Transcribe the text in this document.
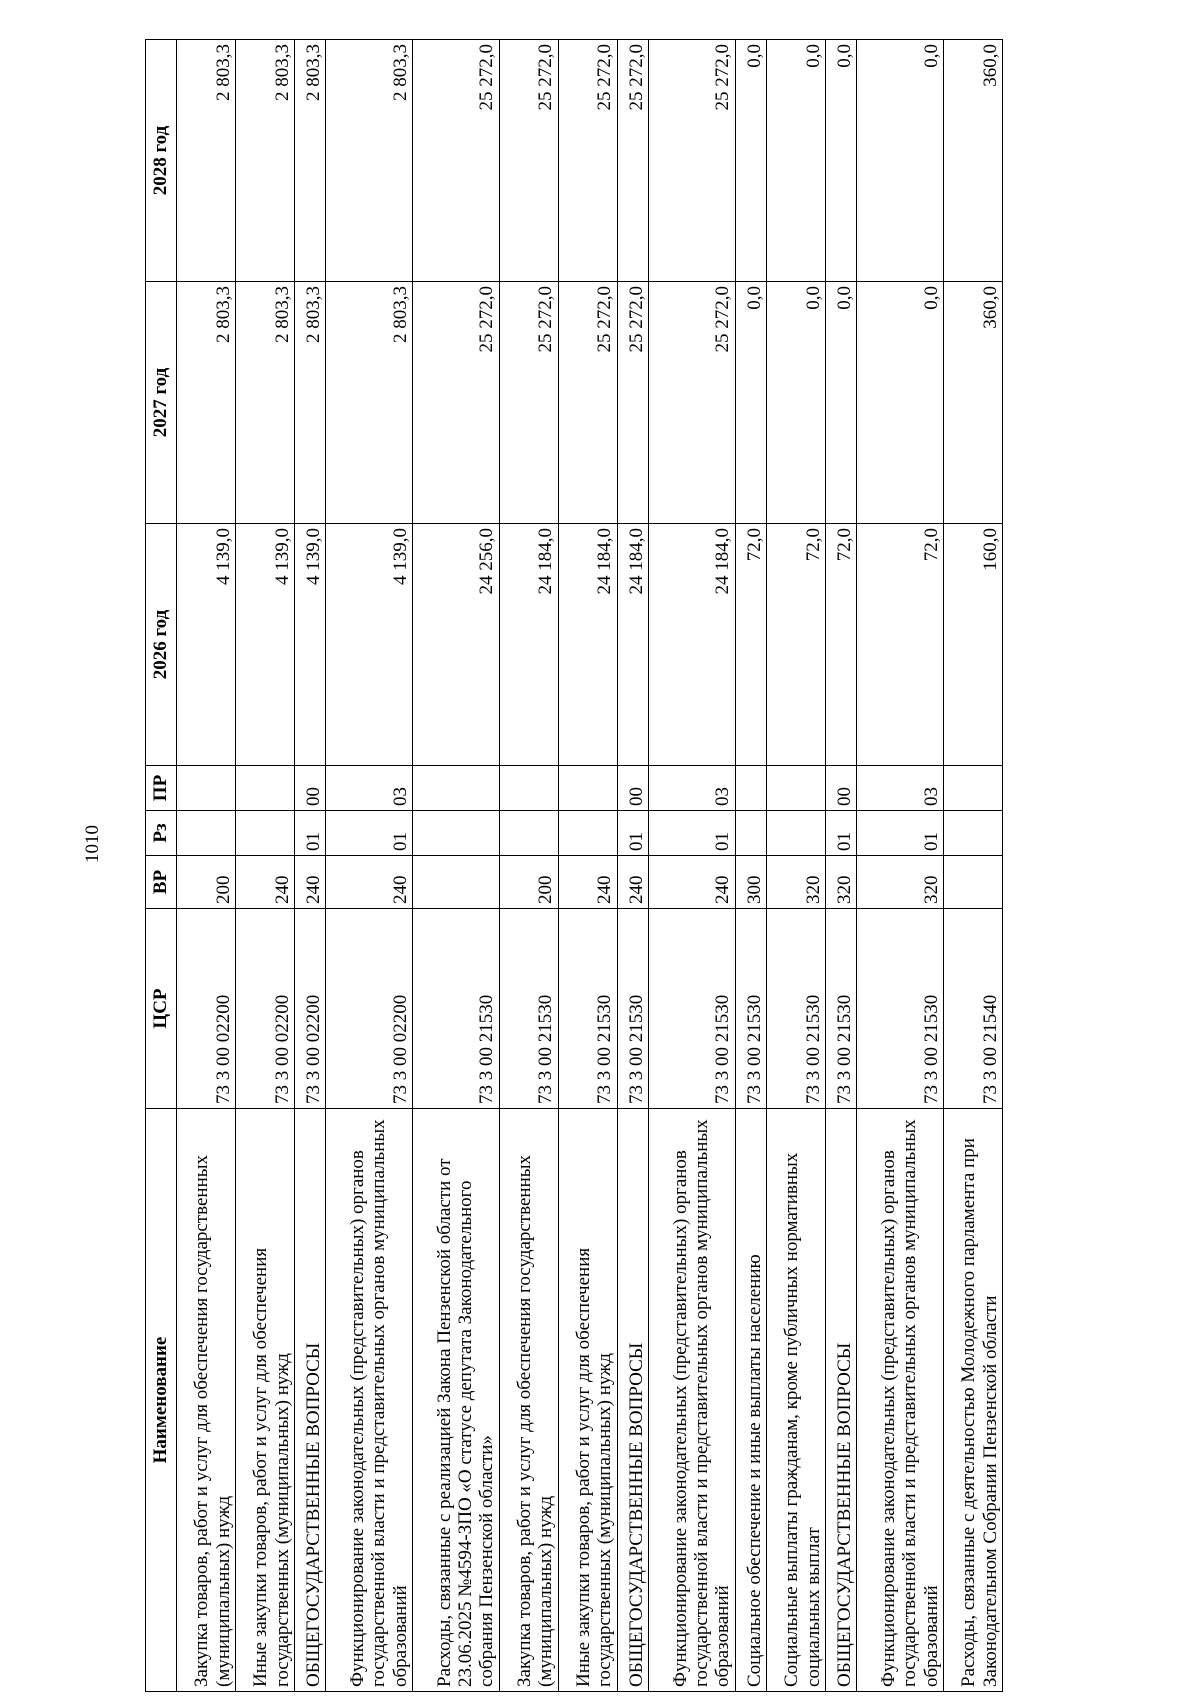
1010
Наименование	ЦСР	ВР	Рз	ПР	2026 год	2027 год	2028 год
Закупка товаров, работ и услуг для обеспечения государственных (муниципальных) нужд	73 3 00 02200	200			4 139,0	2 803,3	2 803,3
Иные закупки товаров, работ и услуг для обеспечения государственных (муниципальных) нужд	73 3 00 02200	240			4 139,0	2 803,3	2 803,3
ОБЩЕГОСУДАРСТВЕННЫЕ ВОПРОСЫ	73 3 00 02200	240	01	00	4 139,0	2 803,3	2 803,3
Функционирование законодательных (представительных) органов государственной власти и представительных органов муниципальных образований	73 3 00 02200	240	01	03	4 139,0	2 803,3	2 803,3
Расходы, связанные с реализацией Закона Пензенской области от 23.06.2025 №4594-ЗПО «О статусе депутата Законодательного собрания Пензенской области»	73 3 00 21530				24 256,0	25 272,0	25 272,0
Закупка товаров, работ и услуг для обеспечения государственных (муниципальных) нужд	73 3 00 21530	200			24 184,0	25 272,0	25 272,0
Иные закупки товаров, работ и услуг для обеспечения государственных (муниципальных) нужд	73 3 00 21530	240			24 184,0	25 272,0	25 272,0
ОБЩЕГОСУДАРСТВЕННЫЕ ВОПРОСЫ	73 3 00 21530	240	01	00	24 184,0	25 272,0	25 272,0
Функционирование законодательных (представительных) органов государственной власти и представительных органов муниципальных образований	73 3 00 21530	240	01	03	24 184,0	25 272,0	25 272,0
Социальное обеспечение и иные выплаты населению	73 3 00 21530	300			72,0	0,0	0,0
Социальные выплаты гражданам, кроме публичных нормативных социальных выплат	73 3 00 21530	320			72,0	0,0	0,0
ОБЩЕГОСУДАРСТВЕННЫЕ ВОПРОСЫ	73 3 00 21530	320	01	00	72,0	0,0	0,0
Функционирование законодательных (представительных) органов государственной власти и представительных органов муниципальных образований	73 3 00 21530	320	01	03	72,0	0,0	0,0
Расходы, связанные с деятельностью Молодежного парламента при Законодательном Собрании Пензенской области	73 3 00 21540				160,0	360,0	360,0
